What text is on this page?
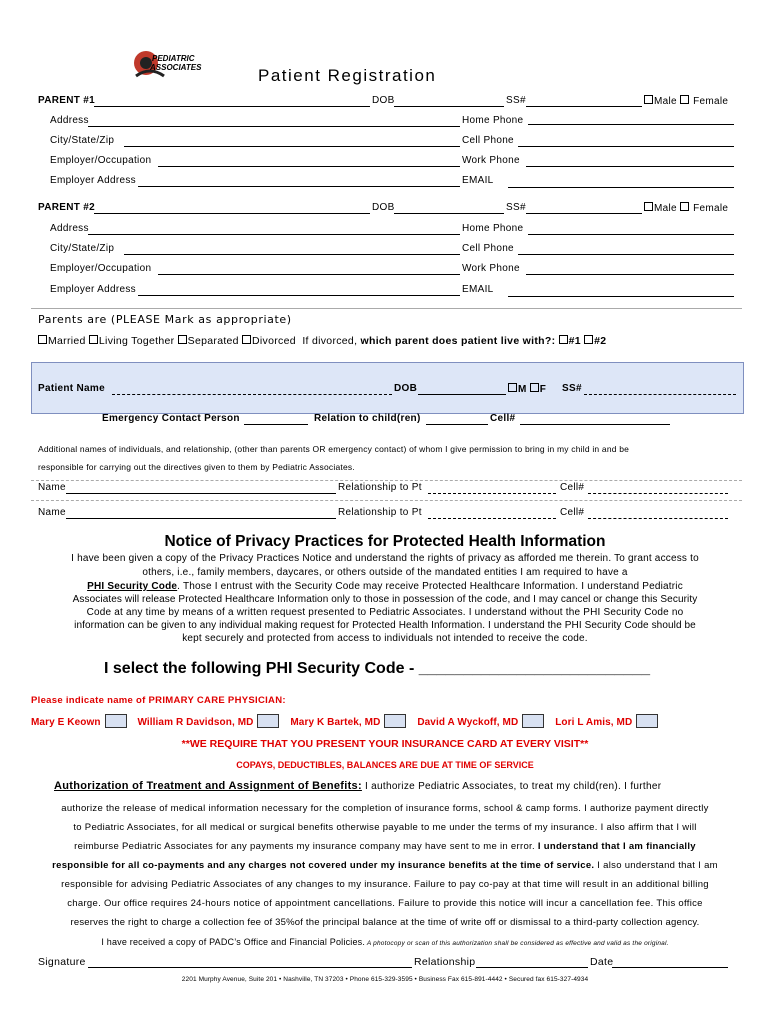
PEDIATRIC
ASSOCIATES	Patient Registration
PARENT #1	DOB	SS#	Male Female
Address	Home Phone
City/State/Zip	Cell Phone
Employer/Occupation	Work Phone
Employer Address	EMAIL
PARENT #2	DOB	SS#	Male Female
Address	Home Phone
City/State/Zip	Cell Phone
Employer/Occupation	Work Phone
Employer Address	EMAIL
Parents are (PLEASE Mark as appropriate)
Married Living Together Separated Divorced If divorced, which parent does patient live with?: #1 #2
Patient Name	DOB	M F SS#
Emergency Contact Person	Relation to child(ren)	Cell#
Additional names of individuals, and relationship, (other than parents OR emergency contact) of whom I give permission to bring in my child in and be
responsible for carrying out the directives given to them by Pediatric Associates.
Name	Relationship to Pt	Cell#
Name	Relationship to Pt	Cell#
Notice of Privacy Practices for Protected Health Information
I have been given a copy of the Privacy Practices Notice and understand the rights of privacy as afforded me therein. To grant access to
others, i.e., family members, daycares, or others outside of the mandated entities I am required to have a
PHI Security Code. Those I entrust with the Security Code may receive Protected Healthcare Information. I understand Pediatric
Associates will release Protected Healthcare Information only to those in possession of the code, and I may cancel or change this Security
Code at any time by means of a written request presented to Pediatric Associates. I understand without the PHI Security Code no
information can be given to any individual making request for Protected Health Information. I understand the PHI Security Code should be
kept securely and protected from access to individuals not intended to receive the code.
I select the following PHI Security Code - __________________________
Please indicate name of PRIMARY CARE PHYSICIAN:
Mary E Keown	William R Davidson, MD	Mary K Bartek, MD	David A Wyckoff, MD	Lori L Amis, MD
**WE REQUIRE THAT YOU PRESENT YOUR INSURANCE CARD AT EVERY VISIT**
COPAYS, DEDUCTIBLES, BALANCES ARE DUE AT TIME OF SERVICE
Authorization of Treatment and Assignment of Benefits: I authorize Pediatric Associates, to treat my child(ren). I further
authorize the release of medical information necessary for the completion of insurance forms, school & camp forms. I authorize payment directly
to Pediatric Associates, for all medical or surgical benefits otherwise payable to me under the terms of my insurance. I also affirm that I will
reimburse Pediatric Associates for any payments my insurance company may have sent to me in error. I understand that I am financially
responsible for all co-payments and any charges not covered under my insurance benefits at the time of service. I also understand that I am
responsible for advising Pediatric Associates of any changes to my insurance. Failure to pay co-pay at that time will result in an additional billing
charge. Our office requires 24-hours notice of appointment cancellations. Failure to provide this notice will incur a cancellation fee. This office
reserves the right to charge a collection fee of 35%of the principal balance at the time of write off or dismissal to a third-party collection agency.
I have received a copy of PADC’s Office and Financial Policies. A photocopy or scan of this authorization shall be considered as effective and valid as the original.
Signature	Relationship	Date
2201 Murphy Avenue, Suite 201 • Nashville, TN 37203 • Phone 615-329-3595 • Business Fax 615-891-4442 • Secured fax 615-327-4934
